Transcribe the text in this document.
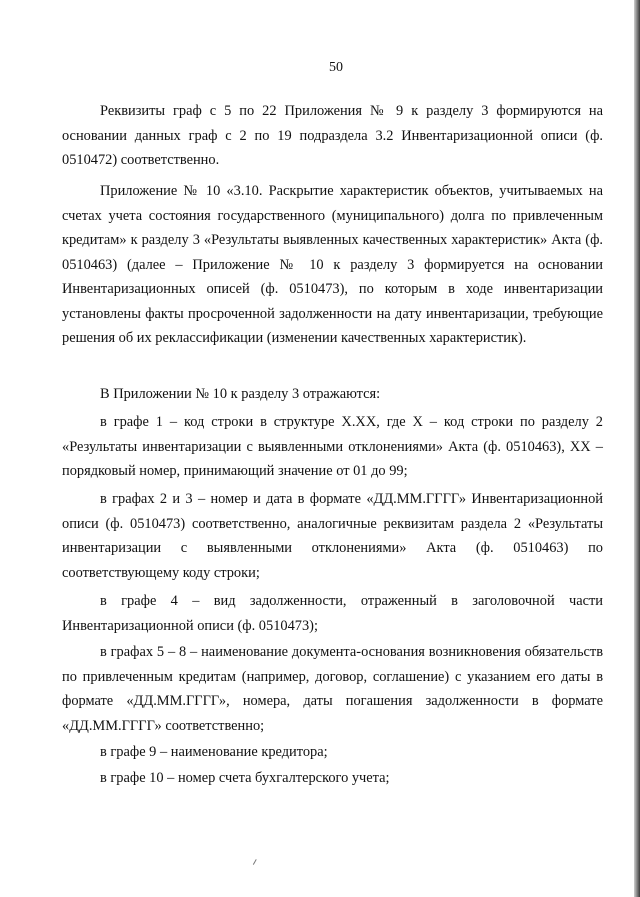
50

Реквизиты граф с 5 по 22 Приложения № 9 к разделу 3 формируются на основании данных граф с 2 по 19 подраздела 3.2 Инвентаризационной описи (ф. 0510472) соответственно.

Приложение № 10 «3.10. Раскрытие характеристик объектов, учитываемых на счетах учета состояния государственного (муниципального) долга по привлеченным кредитам» к разделу 3 «Результаты выявленных качественных характеристик» Акта (ф. 0510463) (далее – Приложение № 10 к разделу 3 формируется на основании Инвентаризационных описей (ф. 0510473), по которым в ходе инвентаризации установлены факты просроченной задолженности на дату инвентаризации, требующие решения об их реклассификации (изменении качественных характеристик).

В Приложении № 10 к разделу 3 отражаются:

в графе 1 – код строки в структуре X.XX, где X – код строки по разделу 2 «Результаты инвентаризации с выявленными отклонениями» Акта (ф. 0510463), XX – порядковый номер, принимающий значение от 01 до 99;

в графах 2 и 3 – номер и дата в формате «ДД.ММ.ГГГГ» Инвентаризационной описи (ф. 0510473) соответственно, аналогичные реквизитам раздела 2 «Результаты инвентаризации с выявленными отклонениями» Акта (ф. 0510463) по соответствующему коду строки;

в графе 4 – вид задолженности, отраженный в заголовочной части Инвентаризационной описи (ф. 0510473);

в графах 5 – 8 – наименование документа-основания возникновения обязательств по привлеченным кредитам (например, договор, соглашение) с указанием его даты в формате «ДД.ММ.ГГГГ», номера, даты погашения задолженности в формате «ДД.ММ.ГГГГ» соответственно;

в графе 9 – наименование кредитора;

в графе 10 – номер счета бухгалтерского учета;
